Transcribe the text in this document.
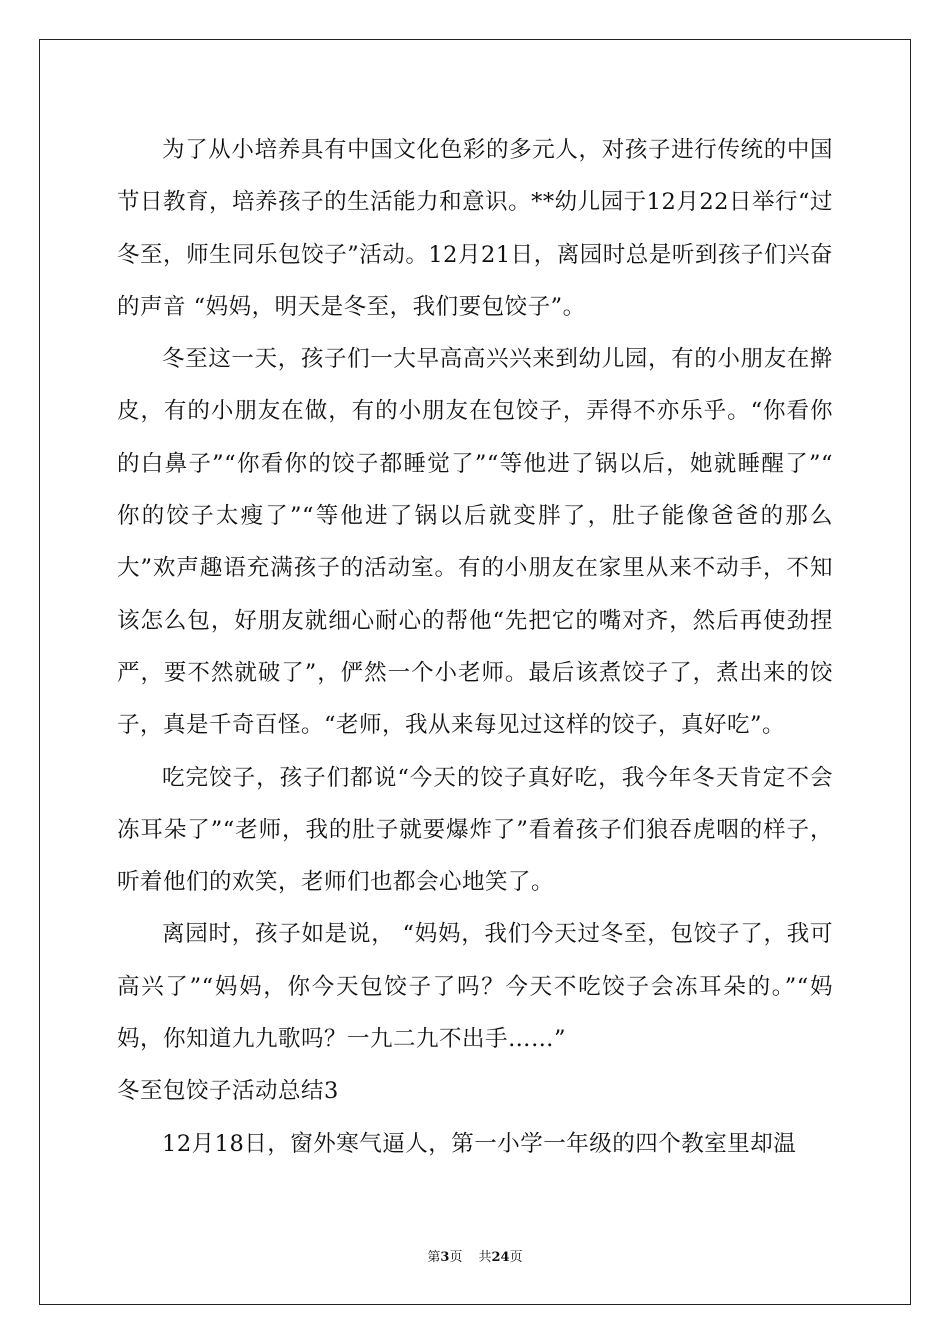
为了从小培养具有中国文化色彩的多元人，对孩子进行传统的中国节日教育，培养孩子的生活能力和意识。**幼儿园于12月22日举行“过冬至，师生同乐包饺子”活动。12月21日，离园时总是听到孩子们兴奋的声音 “妈妈，明天是冬至，我们要包饺子”。

冬至这一天，孩子们一大早高高兴兴来到幼儿园，有的小朋友在擀皮，有的小朋友在做，有的小朋友在包饺子，弄得不亦乐乎。“你看你的白鼻子”“你看你的饺子都睡觉了”“等他进了锅以后，她就睡醒了”“ 你的饺子太瘦了”“等他进了锅以后就变胖了，肚子能像爸爸的那么大”欢声趣语充满孩子的活动室。有的小朋友在家里从来不动手，不知该怎么包，好朋友就细心耐心的帮他“先把它的嘴对齐，然后再使劲捏严，要不然就破了”，俨然一个小老师。最后该煮饺子了，煮出来的饺子，真是千奇百怪。“老师，我从来每见过这样的饺子，真好吃”。

吃完饺子，孩子们都说“今天的饺子真好吃，我今年冬天肯定不会冻耳朵了”“老师，我的肚子就要爆炸了”看着孩子们狼吞虎咽的样子，听着他们的欢笑，老师们也都会心地笑了。

离园时，孩子如是说， “妈妈，我们今天过冬至，包饺子了，我可高兴了”“妈妈，你今天包饺子了吗？今天不吃饺子会冻耳朵的。”“妈妈，你知道九九歌吗？一九二九不出手……”

冬至包饺子活动总结3

12月18日，窗外寒气逼人，第一小学一年级的四个教室里却温

第3页 共24页
